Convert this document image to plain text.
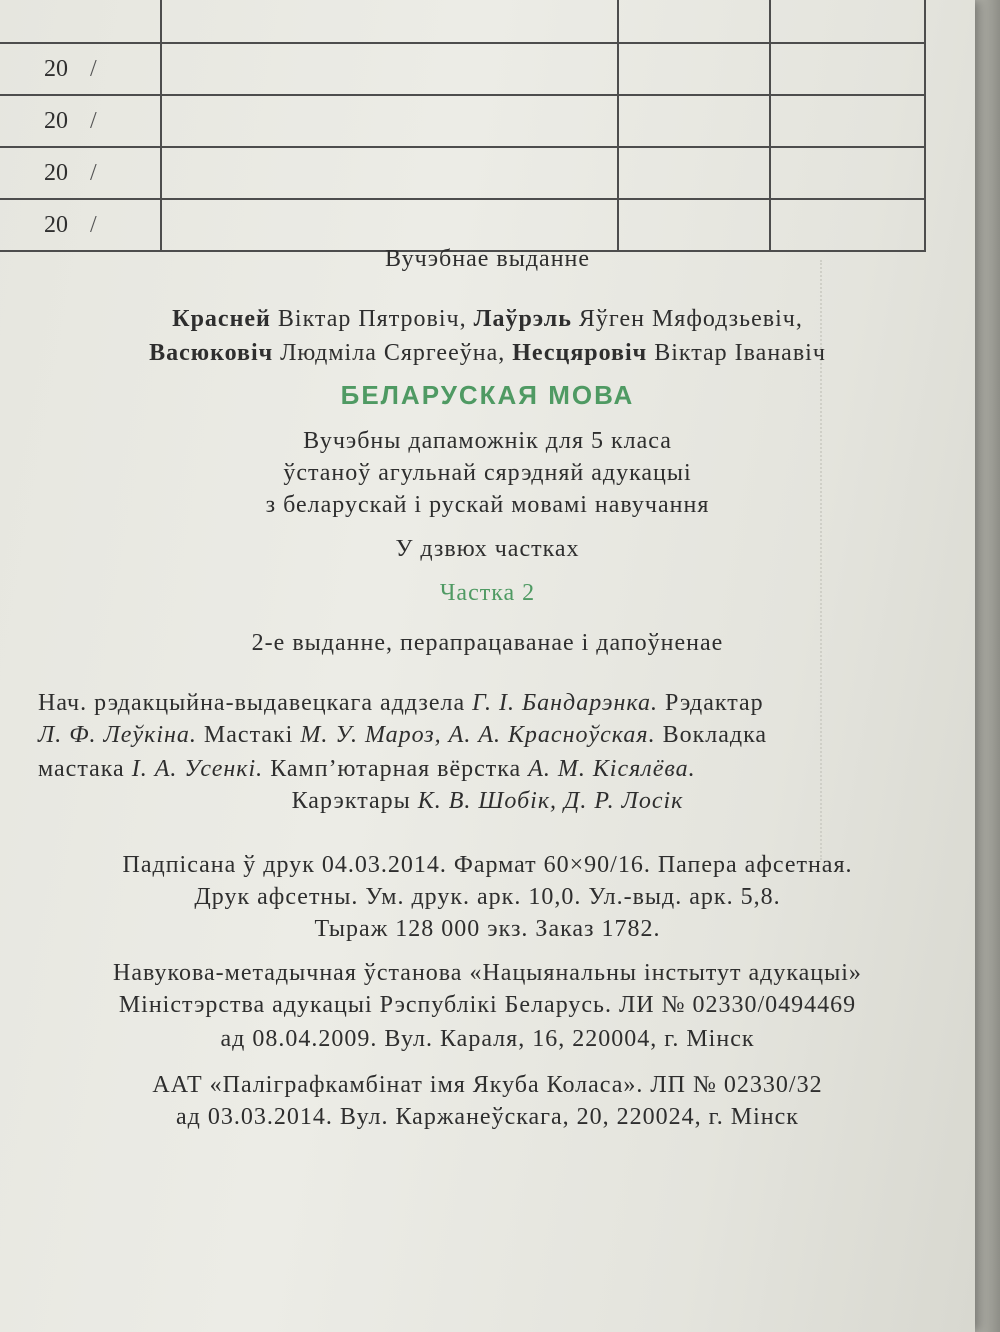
20 /			
20 /			
20 /			
20 /			
Вучэбнае выданне
Красней Віктар Пятровіч, Лаўрэль Яўген Мяфодзьевіч,
Васюковіч Людміла Сяргееўна, Несцяровіч Віктар Іванавіч
БЕЛАРУСКАЯ МОВА
Вучэбны дапаможнік для 5 класа
ўстаноў агульнай сярэдняй адукацыі
з беларускай і рускай мовамі навучання
У дзвюх частках
Частка 2
2-е выданне, перапрацаванае і дапоўненае
Нач. рэдакцыйна-выдавецкага аддзела Г. І. Бандарэнка. Рэдактар
Л. Ф. Леўкіна. Мастакі М. У. Мароз, А. А. Красноўская. Вокладка
мастака І. А. Усенкі. Камп’ютарная вёрстка А. М. Кісялёва.
Карэктары К. В. Шобік, Д. Р. Лосік
Падпісана ў друк 04.03.2014. Фармат 60×90/16. Папера афсетная.
Друк афсетны. Ум. друк. арк. 10,0. Ул.-выд. арк. 5,8.
Тыраж 128 000 экз. Заказ 1782.
Навукова-метадычная ўстанова «Нацыянальны інстытут адукацыі»
Міністэрства адукацыі Рэспублікі Беларусь. ЛИ № 02330/0494469
ад 08.04.2009. Вул. Караля, 16, 220004, г. Мінск
ААТ «Паліграфкамбінат імя Якуба Коласа». ЛП № 02330/32
ад 03.03.2014. Вул. Каржанеўскага, 20, 220024, г. Мінск
